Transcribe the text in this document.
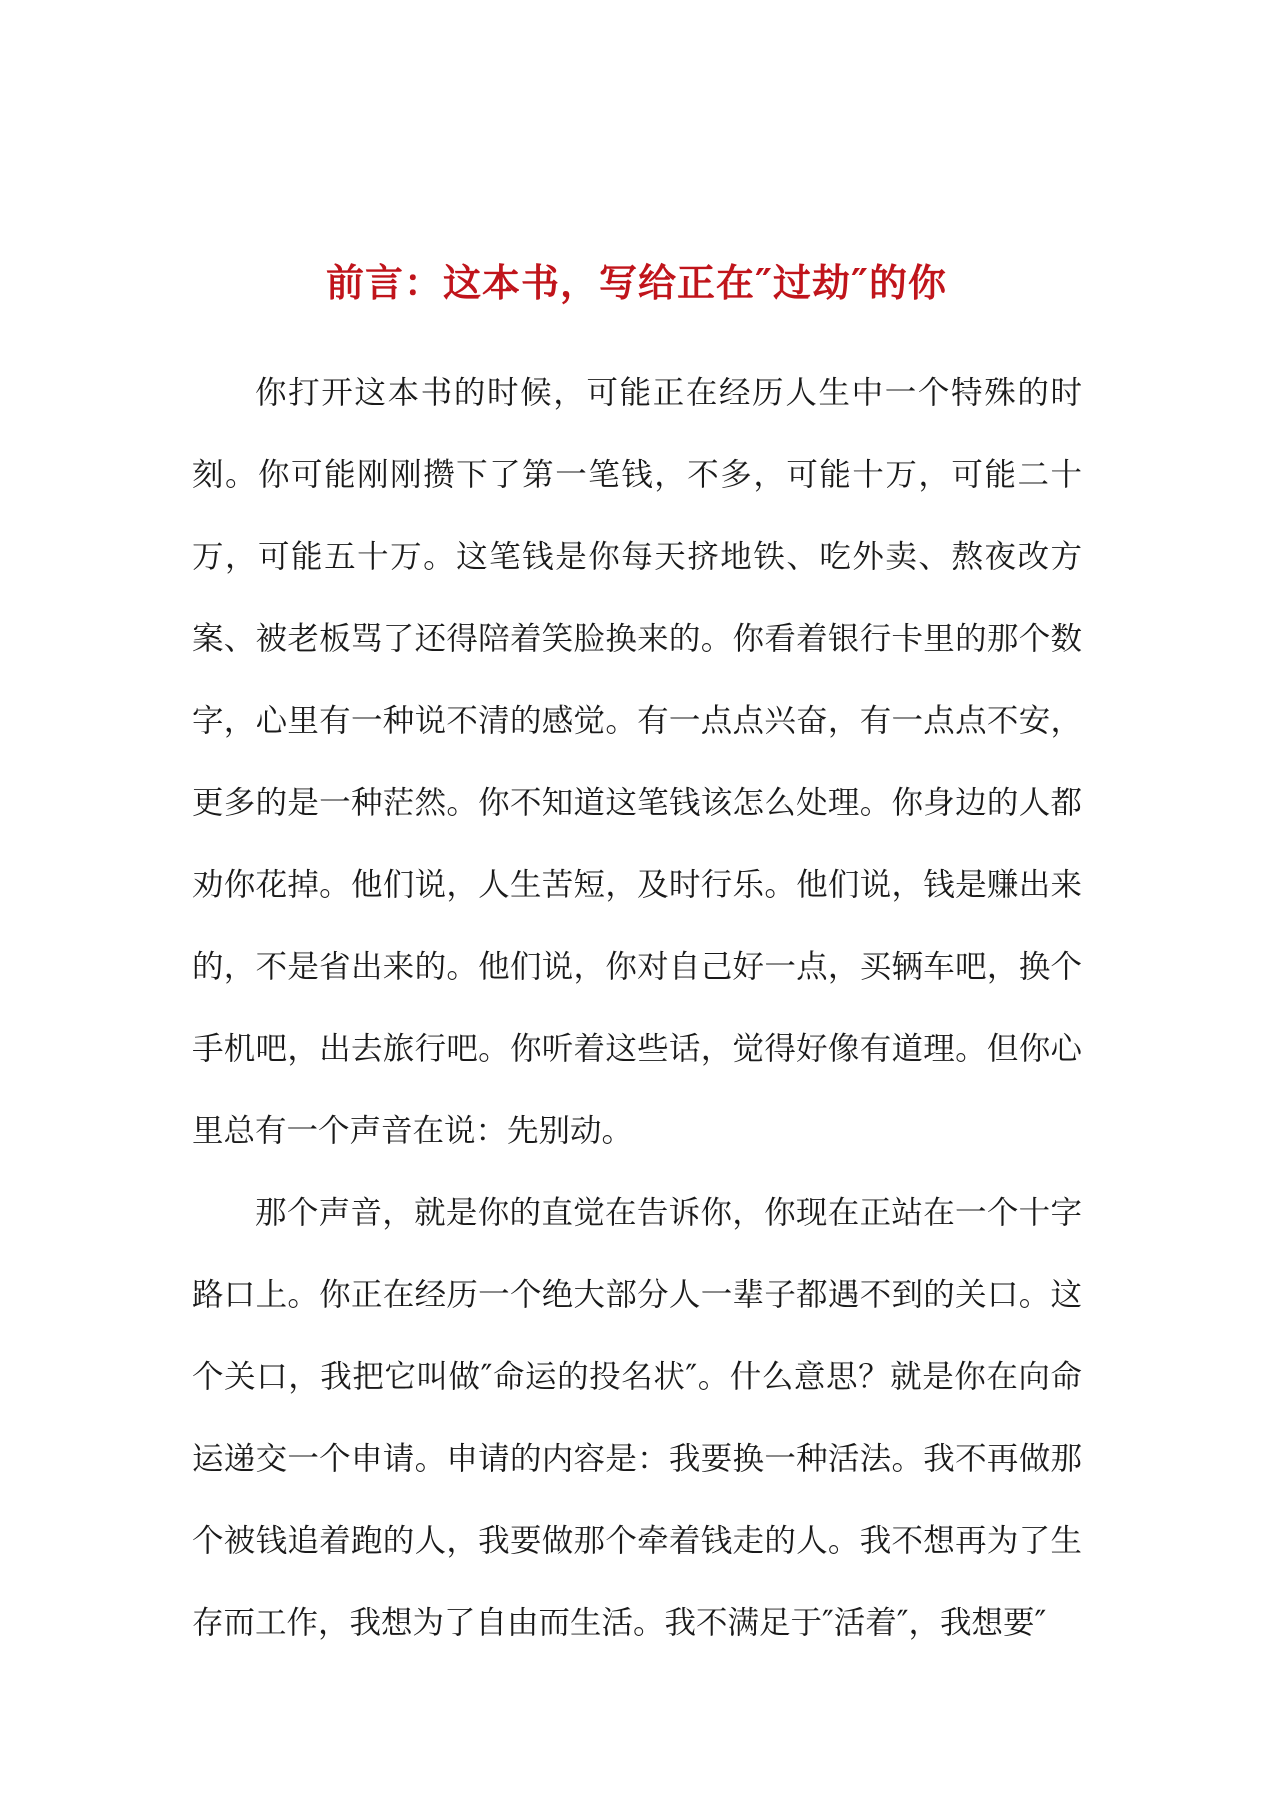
前言：这本书，写给正在″过劫″的你

你打开这本书的时候，可能正在经历人生中一个特殊的时刻。你可能刚刚攒下了第一笔钱，不多，可能十万，可能二十万，可能五十万。这笔钱是你每天挤地铁、吃外卖、熬夜改方案、被老板骂了还得陪着笑脸换来的。你看着银行卡里的那个数字，心里有一种说不清的感觉。有一点点兴奋，有一点点不安，更多的是一种茫然。你不知道这笔钱该怎么处理。你身边的人都劝你花掉。他们说，人生苦短，及时行乐。他们说，钱是赚出来的，不是省出来的。他们说，你对自己好一点，买辆车吧，换个手机吧，出去旅行吧。你听着这些话，觉得好像有道理。但你心里总有一个声音在说：先别动。

那个声音，就是你的直觉在告诉你，你现在正站在一个十字路口上。你正在经历一个绝大部分人一辈子都遇不到的关口。这个关口，我把它叫做″命运的投名状″。什么意思？就是你在向命运递交一个申请。申请的内容是：我要换一种活法。我不再做那个被钱追着跑的人，我要做那个牵着钱走的人。我不想再为了生存而工作，我想为了自由而生活。我不满足于″活着″，我想要″
